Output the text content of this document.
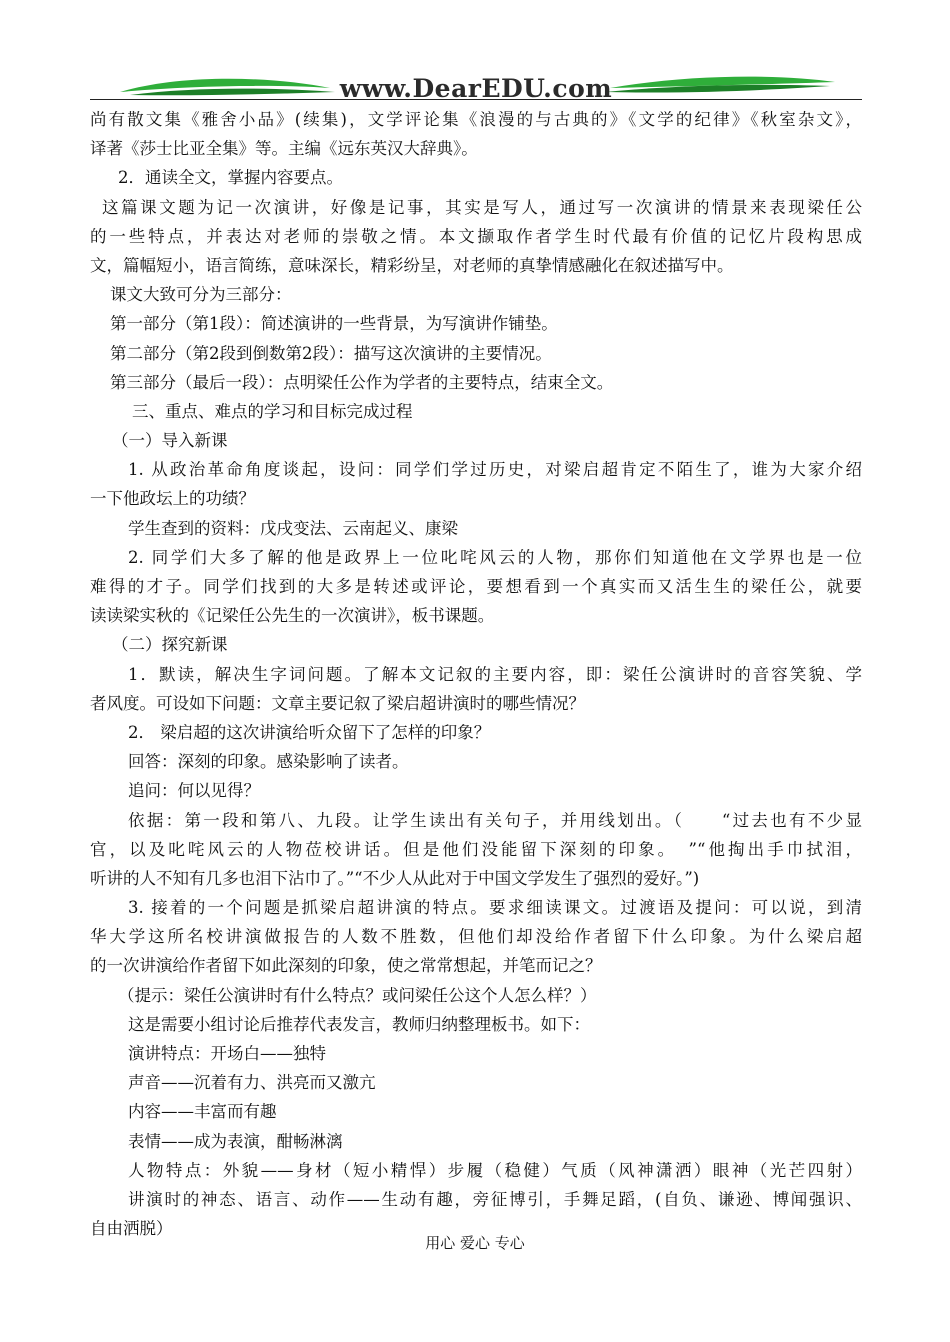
www.DearEDU.com
尚有散文集《雅舍小品》(续集)，文学评论集《浪漫的与古典的》《文学的纪律》《秋室杂文》，
译著《莎士比亚全集》等。主编《远东英汉大辞典》。
2．通读全文，掌握内容要点。
这篇课文题为记一次演讲，好像是记事，其实是写人，通过写一次演讲的情景来表现梁任公
的一些特点，并表达对老师的崇敬之情。本文撷取作者学生时代最有价值的记忆片段构思成
文，篇幅短小，语言简练，意味深长，精彩纷呈，对老师的真挚情感融化在叙述描写中。
课文大致可分为三部分：
第一部分（第1段）：简述演讲的一些背景，为写演讲作铺垫。
第二部分（第2段到倒数第2段）：描写这次演讲的主要情况。
第三部分（最后一段）：点明梁任公作为学者的主要特点，结束全文。
三、重点、难点的学习和目标完成过程
（一）导入新课
1. 从政治革命角度谈起，设问：同学们学过历史，对梁启超肯定不陌生了，谁为大家介绍
一下他政坛上的功绩？
学生查到的资料：戊戌变法、云南起义、康梁
2. 同学们大多了解的他是政界上一位叱咤风云的人物，那你们知道他在文学界也是一位
难得的才子。同学们找到的大多是转述或评论，要想看到一个真实而又活生生的梁任公，就要
读读梁实秋的《记梁任公先生的一次演讲》，板书课题。
（二）探究新课
1．默读，解决生字词问题。了解本文记叙的主要内容，即：梁任公演讲时的音容笑貌、学
者风度。可设如下问题：文章主要记叙了梁启超讲演时的哪些情况？
2． 梁启超的这次讲演给听众留下了怎样的印象？
回答：深刻的印象。感染影响了读者。
追问：何以见得？
依据：第一段和第八、九段。让学生读出有关句子，并用线划出。（　　“过去也有不少显
官，以及叱咤风云的人物莅校讲话。但是他们没能留下深刻的印象。　”“他掏出手巾拭泪，
听讲的人不知有几多也泪下沾巾了。”“不少人从此对于中国文学发生了强烈的爱好。”)
3. 接着的一个问题是抓梁启超讲演的特点。要求细读课文。过渡语及提问：可以说，到清
华大学这所名校讲演做报告的人数不胜数，但他们却没给作者留下什么印象。为什么梁启超
的一次讲演给作者留下如此深刻的印象，使之常常想起，并笔而记之？
（提示：梁任公演讲时有什么特点？或问梁任公这个人怎么样？）
这是需要小组讨论后推荐代表发言，教师归纳整理板书。如下：
演讲特点：开场白——独特
声音——沉着有力、洪亮而又激亢
内容——丰富而有趣
表情——成为表演，酣畅淋漓
人物特点：外貌——身材（短小精悍）步履（稳健）气质（风神潇洒）眼神（光芒四射）
讲演时的神态、语言、动作——生动有趣，旁征博引，手舞足蹈，(自负、谦逊、博闻强识、
自由洒脱）
用心 爱心 专心
